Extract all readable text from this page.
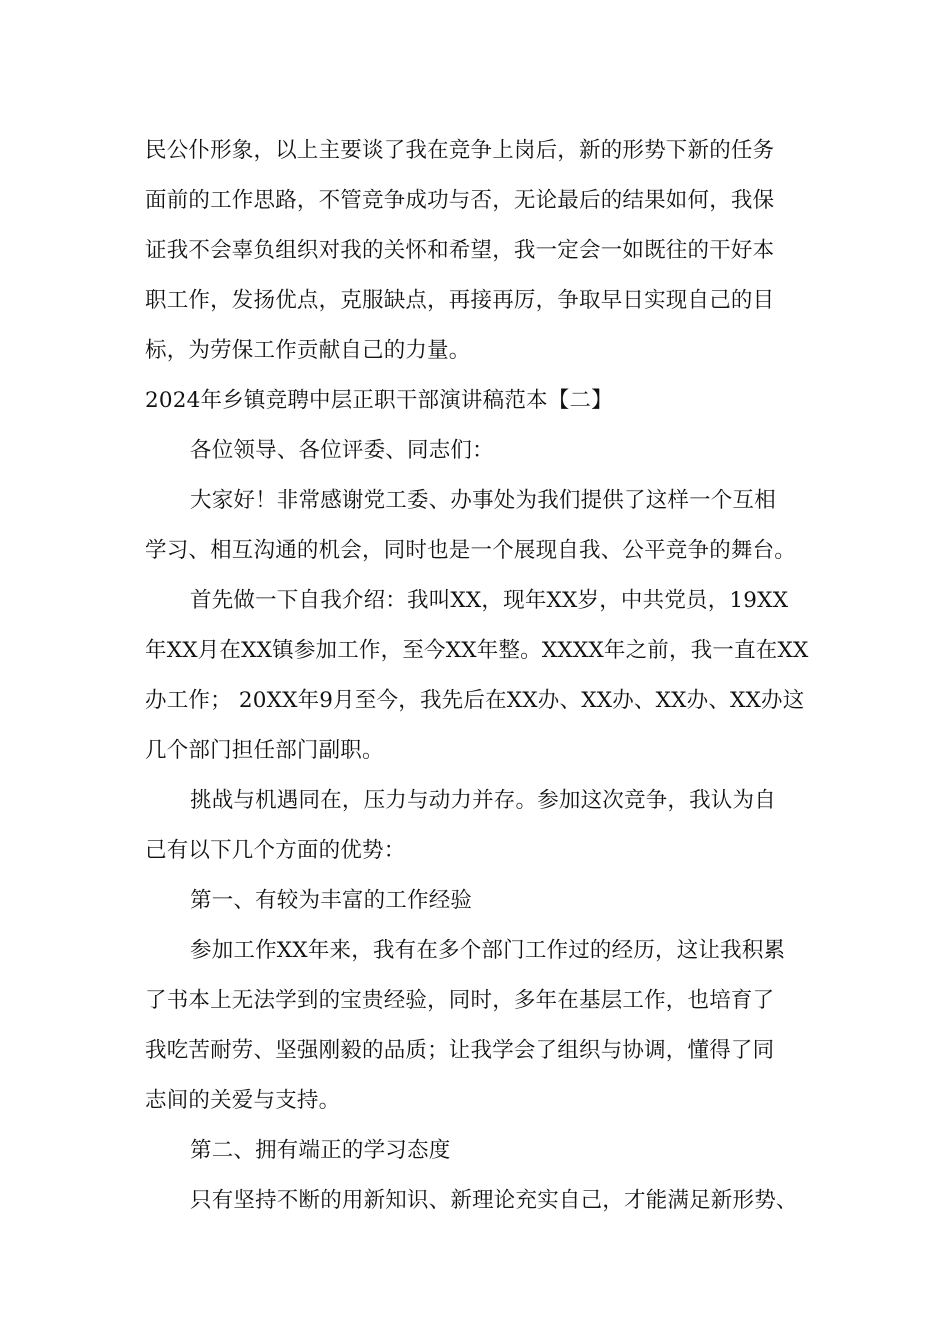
民公仆形象，以上主要谈了我在竞争上岗后，新的形势下新的任务
面前的工作思路，不管竞争成功与否，无论最后的结果如何，我保
证我不会辜负组织对我的关怀和希望，我一定会一如既往的干好本
职工作，发扬优点，克服缺点，再接再厉，争取早日实现自己的目
标，为劳保工作贡献自己的力量。
2024年乡镇竞聘中层正职干部演讲稿范本【二】
各位领导、各位评委、同志们：
大家好！非常感谢党工委、办事处为我们提供了这样一个互相
学习、相互沟通的机会，同时也是一个展现自我、公平竞争的舞台。
首先做一下自我介绍：我叫XX，现年XX岁，中共党员，19XX
年XX月在XX镇参加工作，至今XX年整。XXXX年之前，我一直在XX
办工作； 20XX年9月至今，我先后在XX办、XX办、XX办、XX办这
几个部门担任部门副职。
挑战与机遇同在，压力与动力并存。参加这次竞争，我认为自
己有以下几个方面的优势：
第一、有较为丰富的工作经验
参加工作XX年来，我有在多个部门工作过的经历，这让我积累
了书本上无法学到的宝贵经验，同时，多年在基层工作，也培育了
我吃苦耐劳、坚强刚毅的品质；让我学会了组织与协调，懂得了同
志间的关爱与支持。
第二、拥有端正的学习态度
只有坚持不断的用新知识、新理论充实自己，才能满足新形势、
